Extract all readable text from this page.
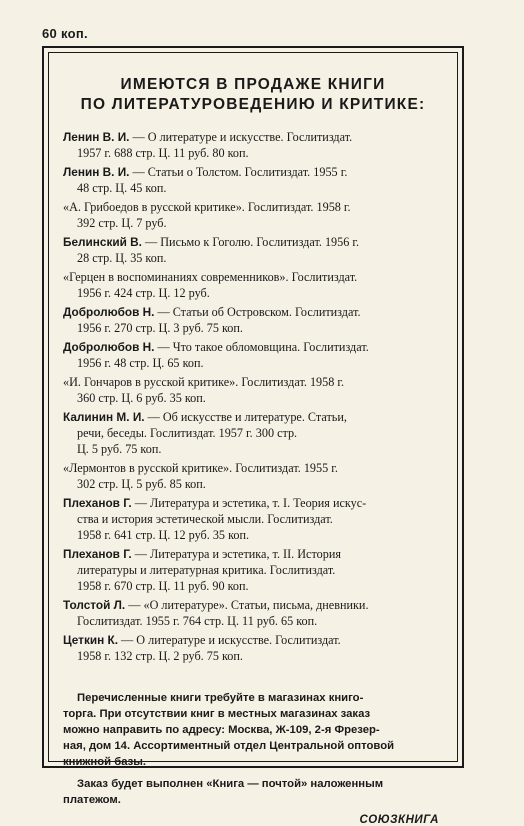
60 коп.
ИМЕЮТСЯ В ПРОДАЖЕ КНИГИ
ПО ЛИТЕРАТУРОВЕДЕНИЮ И КРИТИКЕ:
Ленин В. И. — О литературе и искусстве. Гослитиздат.
1957 г. 688 стр. Ц. 11 руб. 80 коп.
Ленин В. И. — Статьи о Толстом. Гослитиздат. 1955 г.
48 стр. Ц. 45 коп.
«А. Грибоедов в русской критике». Гослитиздат. 1958 г.
392 стр. Ц. 7 руб.
Белинский В. — Письмо к Гоголю. Гослитиздат. 1956 г.
28 стр. Ц. 35 коп.
«Герцен в воспоминаниях современников». Гослитиздат.
1956 г. 424 стр. Ц. 12 руб.
Добролюбов Н. — Статьи об Островском. Гослитиздат.
1956 г. 270 стр. Ц. 3 руб. 75 коп.
Добролюбов Н. — Что такое обломовщина. Гослитиздат.
1956 г. 48 стр. Ц. 65 коп.
«И. Гончаров в русской критике». Гослитиздат. 1958 г.
360 стр. Ц. 6 руб. 35 коп.
Калинин М. И. — Об искусстве и литературе. Статьи,
речи, беседы. Гослитиздат. 1957 г. 300 стр.
Ц. 5 руб. 75 коп.
«Лермонтов в русской критике». Гослитиздат. 1955 г.
302 стр. Ц. 5 руб. 85 коп.
Плеханов Г. — Литература и эстетика, т. I. Теория искус-
ства и история эстетической мысли. Гослитиздат.
1958 г. 641 стр. Ц. 12 руб. 35 коп.
Плеханов Г. — Литература и эстетика, т. II. История
литературы и литературная критика. Гослитиздат.
1958 г. 670 стр. Ц. 11 руб. 90 коп.
Толстой Л. — «О литературе». Статьи, письма, дневники.
Гослитиздат. 1955 г. 764 стр. Ц. 11 руб. 65 коп.
Цеткин К. — О литературе и искусстве. Гослитиздат.
1958 г. 132 стр. Ц. 2 руб. 75 коп.
Перечисленные книги требуйте в магазинах книго-
торга. При отсутствии книг в местных магазинах заказ
можно направить по адресу: Москва, Ж-109, 2-я Фрезер-
ная, дом 14. Ассортиментный отдел Центральной оптовой
книжной базы.
Заказ будет выполнен «Книга — почтой» наложенным
платежом.
СОЮЗКНИГА
